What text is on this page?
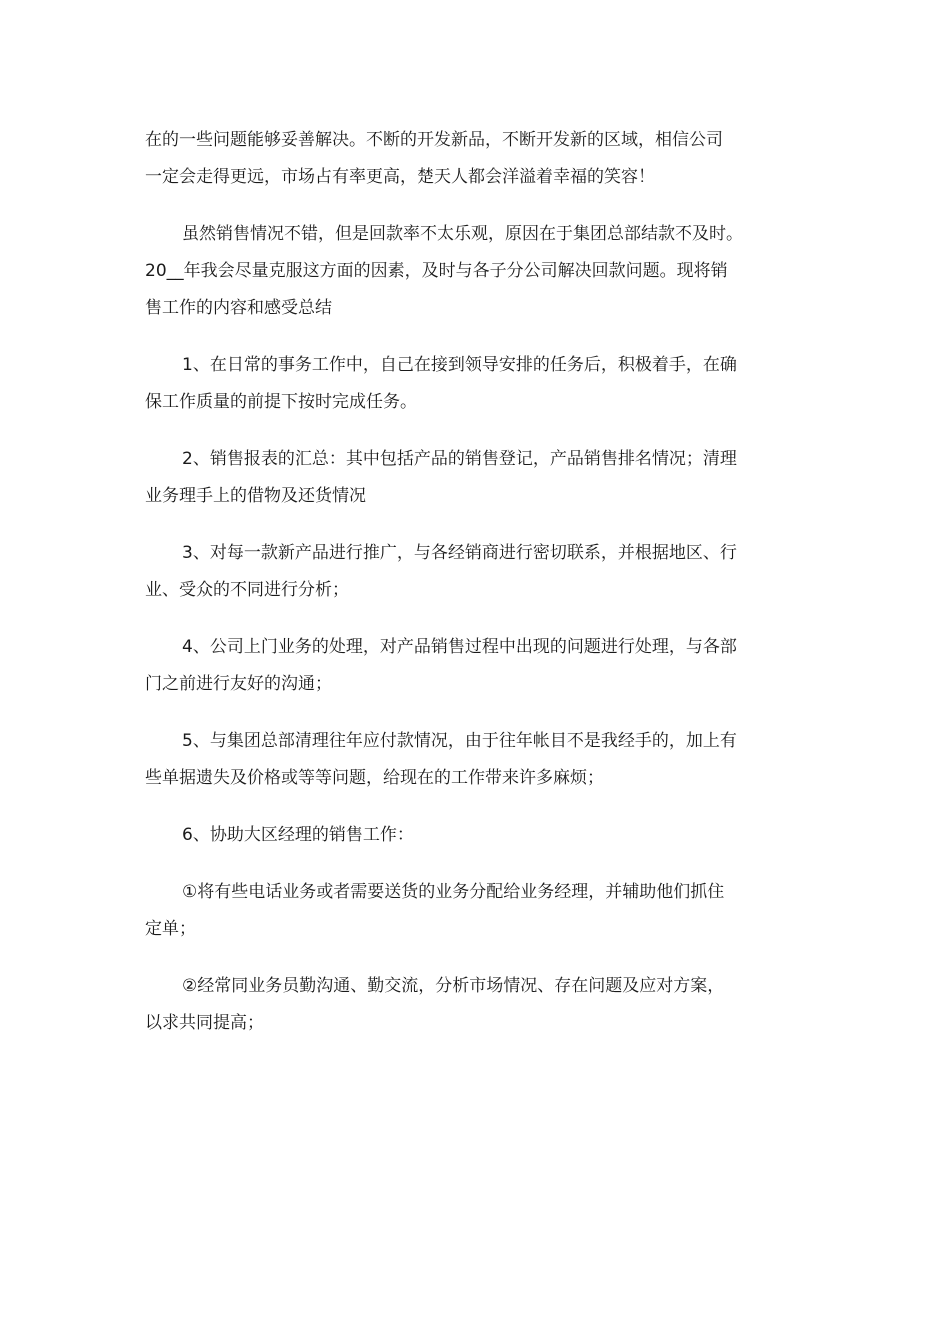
在的一些问题能够妥善解决。不断的开发新品，不断开发新的区域，相信公司
一定会走得更远，市场占有率更高，楚天人都会洋溢着幸福的笑容！

虽然销售情况不错，但是回款率不太乐观，原因在于集团总部结款不及时。
20__年我会尽量克服这方面的因素，及时与各子分公司解决回款问题。现将销
售工作的内容和感受总结

1、在日常的事务工作中，自己在接到领导安排的任务后，积极着手，在确
保工作质量的前提下按时完成任务。

2、销售报表的汇总：其中包括产品的销售登记，产品销售排名情况；清理
业务理手上的借物及还货情况

3、对每一款新产品进行推广，与各经销商进行密切联系，并根据地区、行
业、受众的不同进行分析；

4、公司上门业务的处理，对产品销售过程中出现的问题进行处理，与各部
门之前进行友好的沟通；

5、与集团总部清理往年应付款情况，由于往年帐目不是我经手的，加上有
些单据遗失及价格或等等问题，给现在的工作带来许多麻烦；

6、协助大区经理的销售工作：

①将有些电话业务或者需要送货的业务分配给业务经理，并辅助他们抓住
定单；

②经常同业务员勤沟通、勤交流，分析市场情况、存在问题及应对方案，
以求共同提高；
